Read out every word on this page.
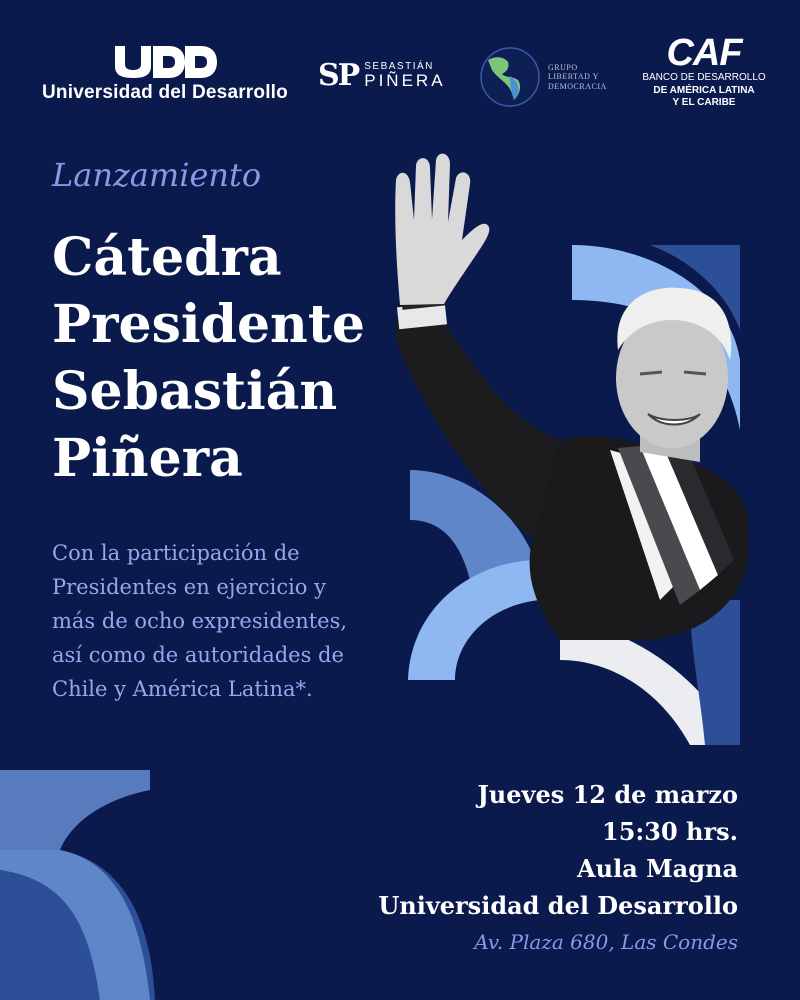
Universidad del Desarrollo SP SEBASTIÁN
PIÑERA
GRUPO
LIBERTAD Y
DEMOCRACIA
CAF
BANCO DE DESARROLLO
DE AMÉRICA LATINA
Y EL CARIBE
Lanzamiento
Cátedra
Presidente
Sebastián
Piñera

Con la participación de
Presidentes en ejercicio y
más de ocho expresidentes,
así como de autoridades de
Chile y América Latina*.

Jueves 12 de marzo
15:30 hrs.
Aula Magna
Universidad del Desarrollo
Av. Plaza 680, Las Condes
